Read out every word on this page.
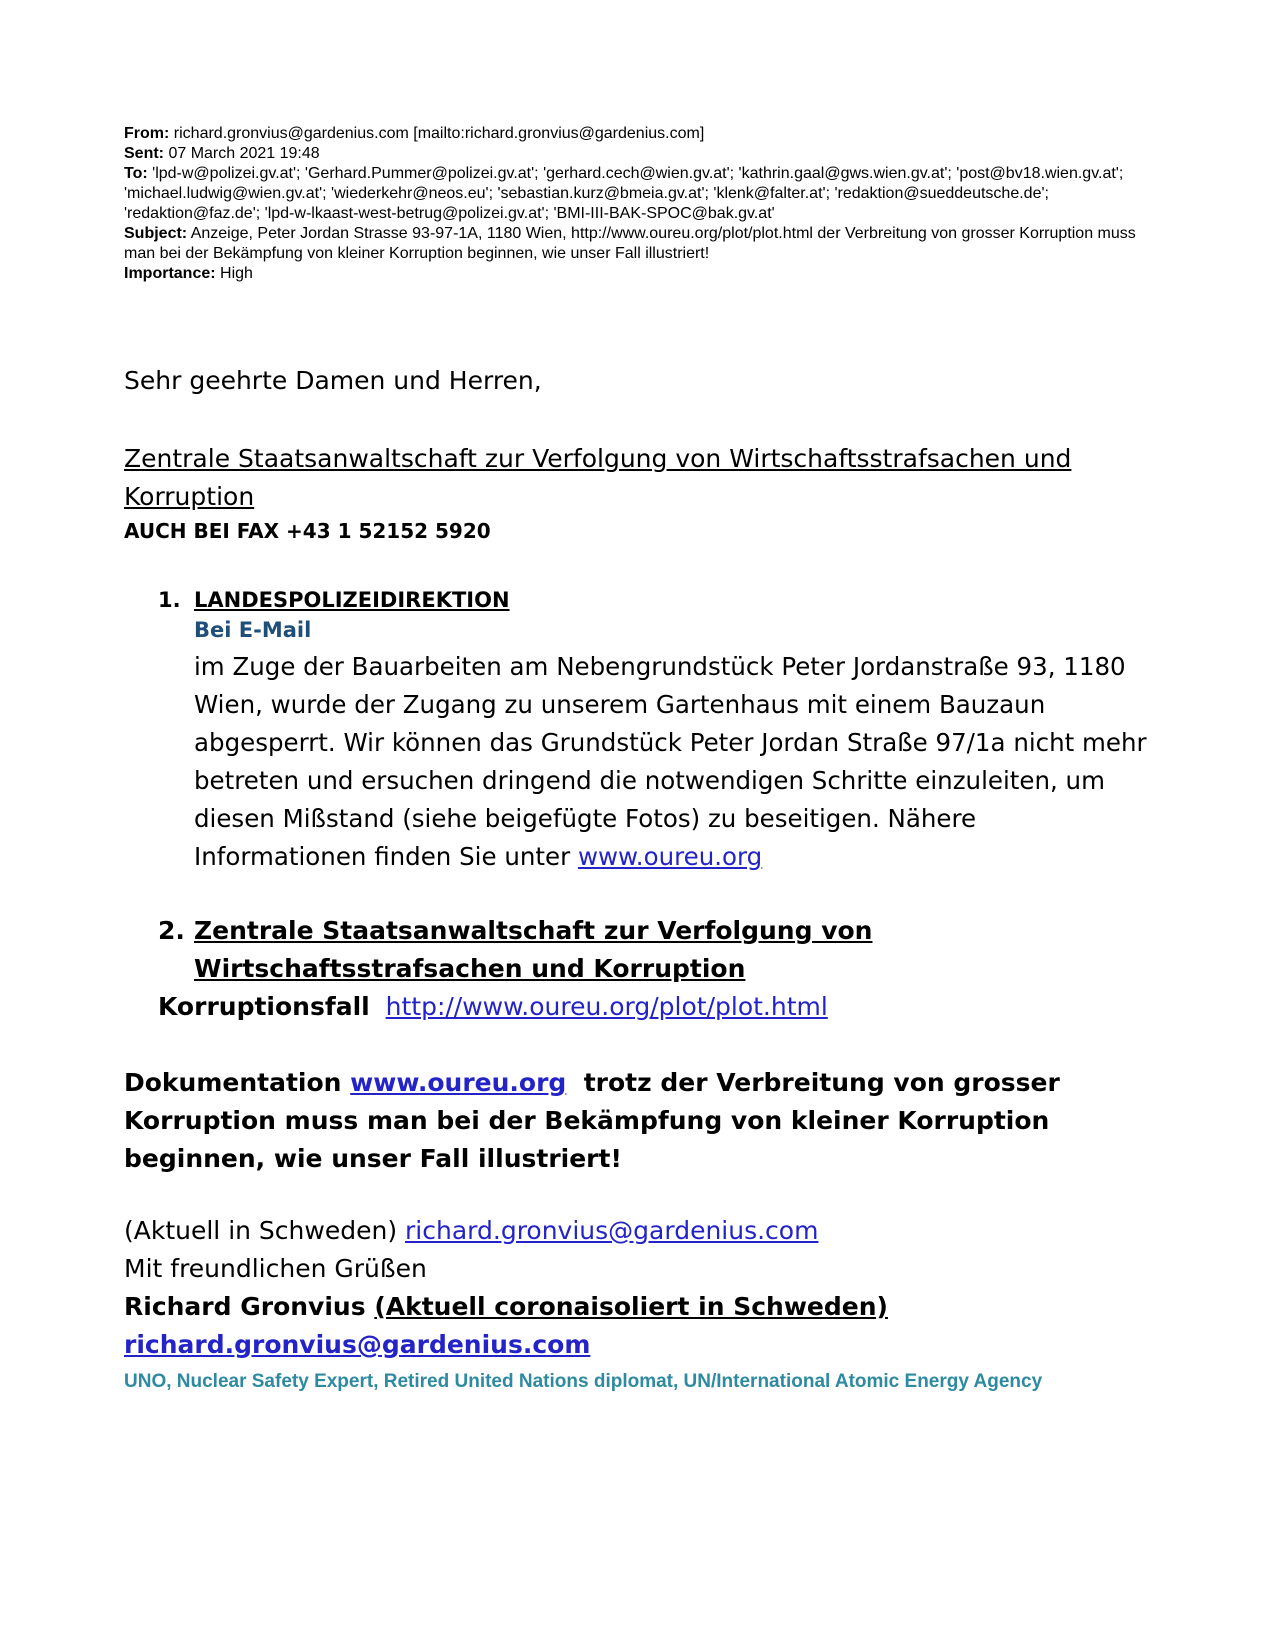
From: richard.gronvius@gardenius.com [mailto:richard.gronvius@gardenius.com]

Sent: 07 March 2021 19:48

To: 'lpd-w@polizei.gv.at'; 'Gerhard.Pummer@polizei.gv.at'; 'gerhard.cech@wien.gv.at'; 'kathrin.gaal@gws.wien.gv.at'; 'post@bv18.wien.gv.at'; 'michael.ludwig@wien.gv.at'; 'wiederkehr@neos.eu'; 'sebastian.kurz@bmeia.gv.at'; 'klenk@falter.at'; 'redaktion@sueddeutsche.de'; 'redaktion@faz.de'; 'lpd-w-lkaast-west-betrug@polizei.gv.at'; 'BMI-III-BAK-SPOC@bak.gv.at'

Subject: Anzeige, Peter Jordan Strasse 93-97-1A, 1180 Wien, http://www.oureu.org/plot/plot.html der Verbreitung von grosser Korruption muss man bei der Bekämpfung von kleiner Korruption beginnen, wie unser Fall illustriert!

Importance: High

Sehr geehrte Damen und Herren,
Zentrale Staatsanwaltschaft zur Verfolgung von Wirtschaftsstrafsachen und Korruption
AUCH BEI FAX +43 1 52152 5920
1. LANDESPOLIZEIDIREKTION
Bei E-Mail
im Zuge der Bauarbeiten am Nebengrundstück Peter Jordanstraße 93, 1180 Wien, wurde der Zugang zu unserem Gartenhaus mit einem Bauzaun abgesperrt. Wir können das Grundstück Peter Jordan Straße 97/1a nicht mehr betreten und ersuchen dringend die notwendigen Schritte einzuleiten, um diesen Mißstand (siehe beigefügte Fotos) zu beseitigen. Nähere Informationen finden Sie unter www.oureu.org
2. Zentrale Staatsanwaltschaft zur Verfolgung von Wirtschaftsstrafsachen und Korruption
Korruptionsfall http://www.oureu.org/plot/plot.html
Dokumentation www.oureu.org  trotz der Verbreitung von grosser Korruption muss man bei der Bekämpfung von kleiner Korruption beginnen, wie unser Fall illustriert!

(Aktuell in Schweden) richard.gronvius@gardenius.com

Mit freundlichen Grüßen

Richard Gronvius (Aktuell coronaisoliert in Schweden)

richard.gronvius@gardenius.com

UNO, Nuclear Safety Expert, Retired United Nations diplomat, UN/International Atomic Energy Agency
